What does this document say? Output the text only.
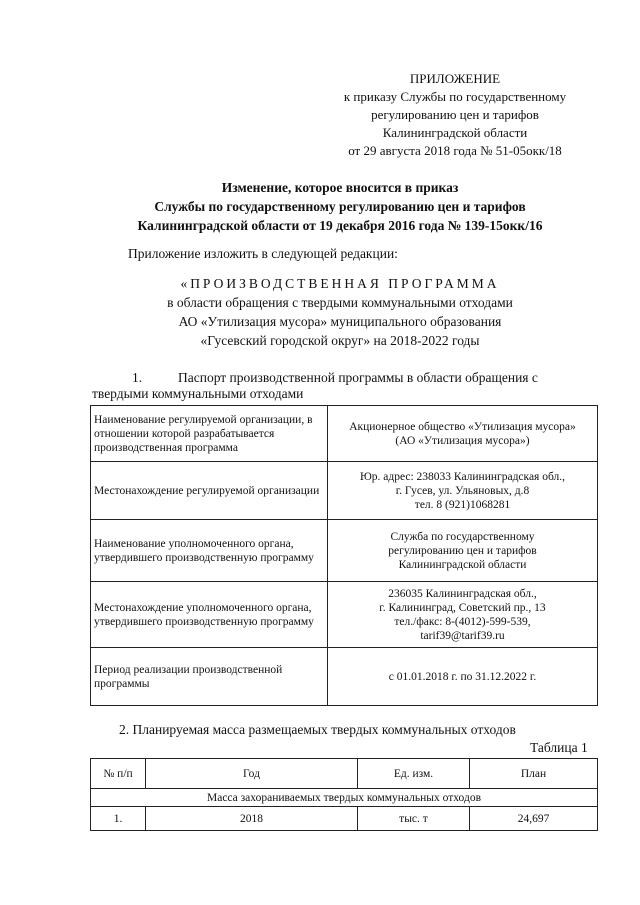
ПРИЛОЖЕНИЕ
к приказу Службы по государственному
регулированию цен и тарифов
Калининградской области
от 29 августа 2018 года № 51-05окк/18
Изменение, которое вносится в приказ
Службы по государственному регулированию цен и тарифов
Калининградской области от 19 декабря 2016 года № 139-15окк/16
Приложение изложить в следующей редакции:
«ПРОИЗВОДСТВЕННАЯ ПРОГРАММА
в области обращения с твердыми коммунальными отходами
АО «Утилизация мусора» муниципального образования
«Гусевский городской округ» на 2018-2022 годы
1.	Паспорт производственной программы в области обращения с
твердыми коммунальными отходами
Наименование регулируемой организации, в отношении которой разрабатывается производственная программа	Акционерное общество «Утилизация мусора»
(АО «Утилизация мусора»)

Местонахождение регулируемой организации	Юр. адрес: 238033 Калининградская обл.,
г. Гусев, ул. Ульяновых, д.8
тел. 8 (921)1068281

Наименование уполномоченного органа, утвердившего производственную программу	Служба по государственному
регулированию цен и тарифов
Калининградской области

Местонахождение уполномоченного органа, утвердившего производственную программу	236035 Калининградская обл.,
г. Калининград, Советский пр., 13
тел./факс: 8-(4012)-599-539,
tarif39@tarif39.ru

Период реализации производственной программы	с 01.01.2018 г. по 31.12.2022 г.
2. Планируемая масса размещаемых твердых коммунальных отходов
Таблица 1
№ п/п	Год	Ед. изм.	План
Масса захораниваемых твердых коммунальных отходов			
1.	2018	тыс. т	24,697
